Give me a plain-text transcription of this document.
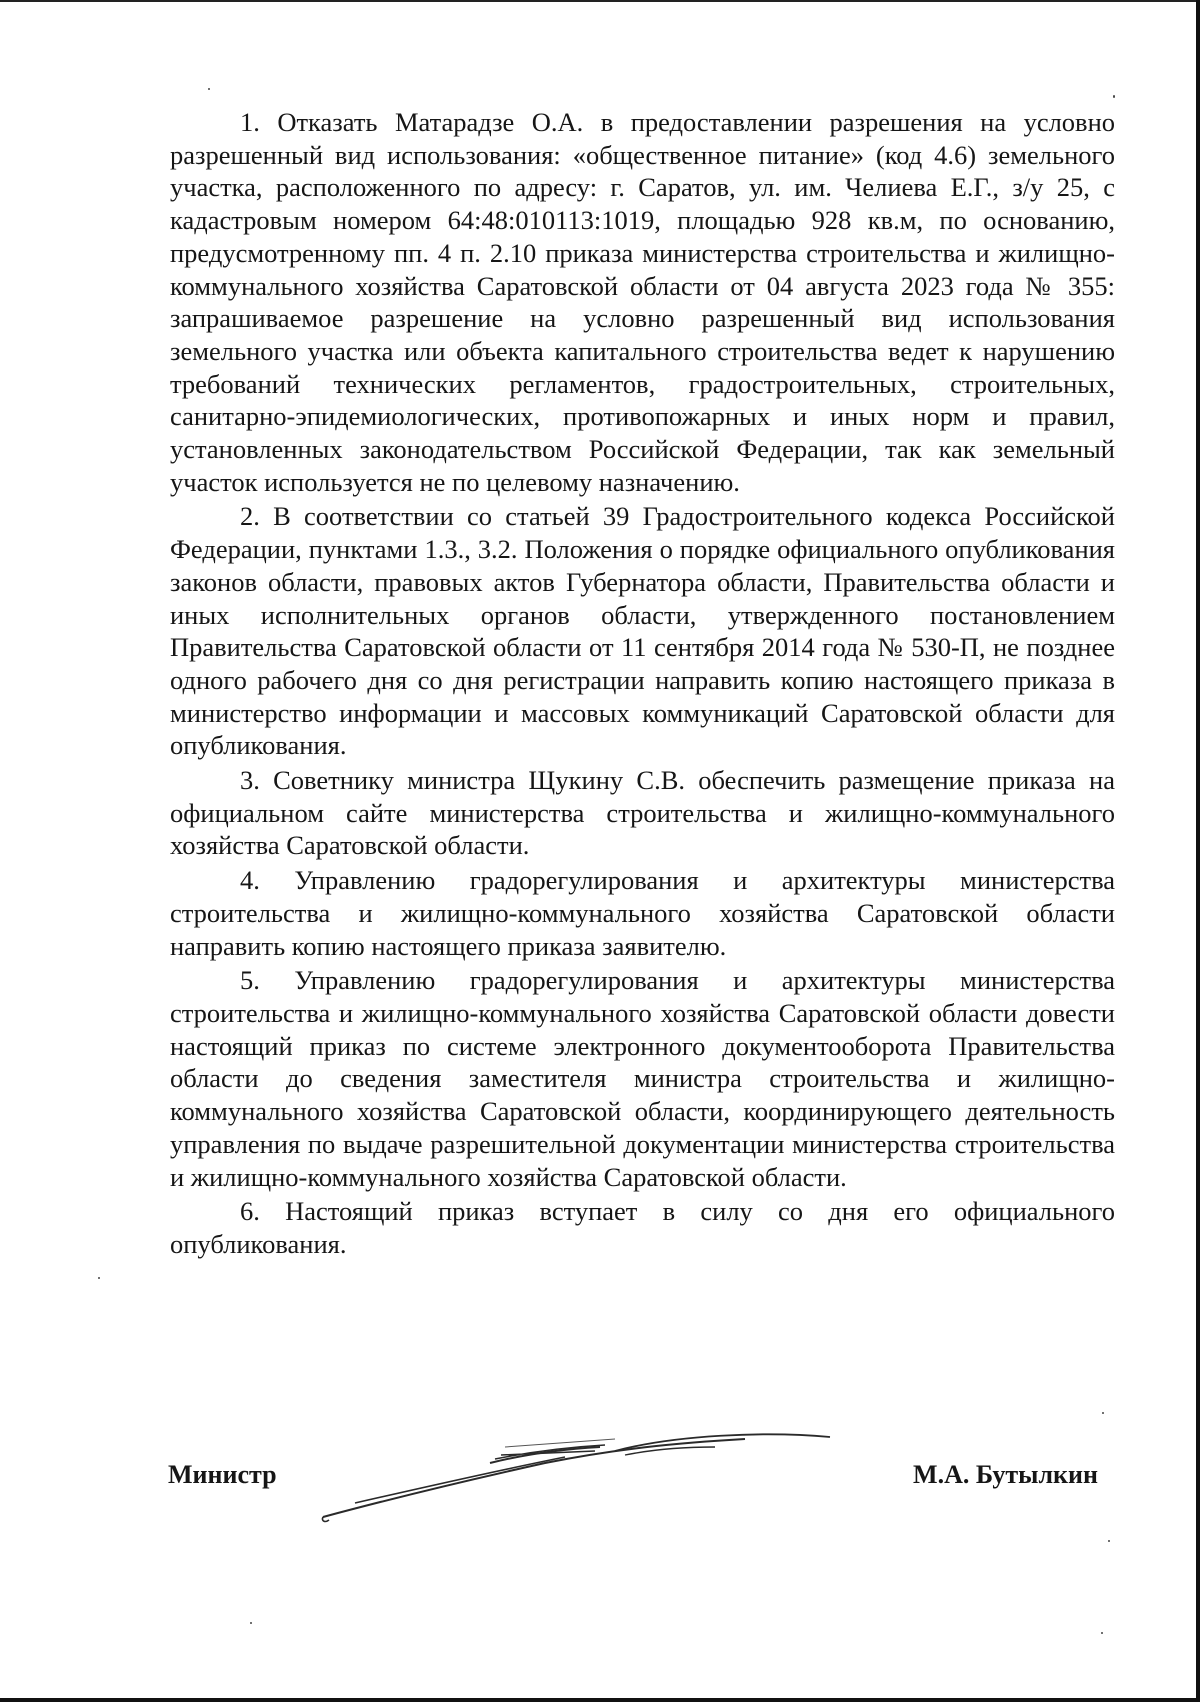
1. Отказать Матарадзе О.А. в предоставлении разрешения на условно разрешенный вид использования: «общественное питание» (код 4.6) земельного участка, расположенного по адресу: г. Саратов, ул. им. Челиева Е.Г., з/у 25, с кадастровым номером 64:48:010113:1019, площадью 928 кв.м, по основанию, предусмотренному пп. 4 п. 2.10 приказа министерства строительства и жилищно-коммунального хозяйства Саратовской области от 04 августа 2023 года № 355: запрашиваемое разрешение на условно разрешенный вид использования земельного участка или объекта капитального строительства ведет к нарушению требований технических регламентов, градостроительных, строительных, санитарно-эпидемиологических, противопожарных и иных норм и правил, установленных законодательством Российской Федерации, так как земельный участок используется не по целевому назначению.

2. В соответствии со статьей 39 Градостроительного кодекса Российской Федерации, пунктами 1.3., 3.2. Положения о порядке официального опубликования законов области, правовых актов Губернатора области, Правительства области и иных исполнительных органов области, утвержденного постановлением Правительства Саратовской области от 11 сентября 2014 года № 530-П, не позднее одного рабочего дня со дня регистрации направить копию настоящего приказа в министерство информации и массовых коммуникаций Саратовской области для опубликования.

3. Советнику министра Щукину С.В. обеспечить размещение приказа на официальном сайте министерства строительства и жилищно-коммунального хозяйства Саратовской области.

4. Управлению градорегулирования и архитектуры министерства строительства и жилищно-коммунального хозяйства Саратовской области направить копию настоящего приказа заявителю.

5. Управлению градорегулирования и архитектуры министерства строительства и жилищно-коммунального хозяйства Саратовской области довести настоящий приказ по системе электронного документооборота Правительства области до сведения заместителя министра строительства и жилищно-коммунального хозяйства Саратовской области, координирующего деятельность управления по выдаче разрешительной документации министерства строительства и жилищно-коммунального хозяйства Саратовской области.

6. Настоящий приказ вступает в силу со дня его официального опубликования.

Министр	М.А. Бутылкин
